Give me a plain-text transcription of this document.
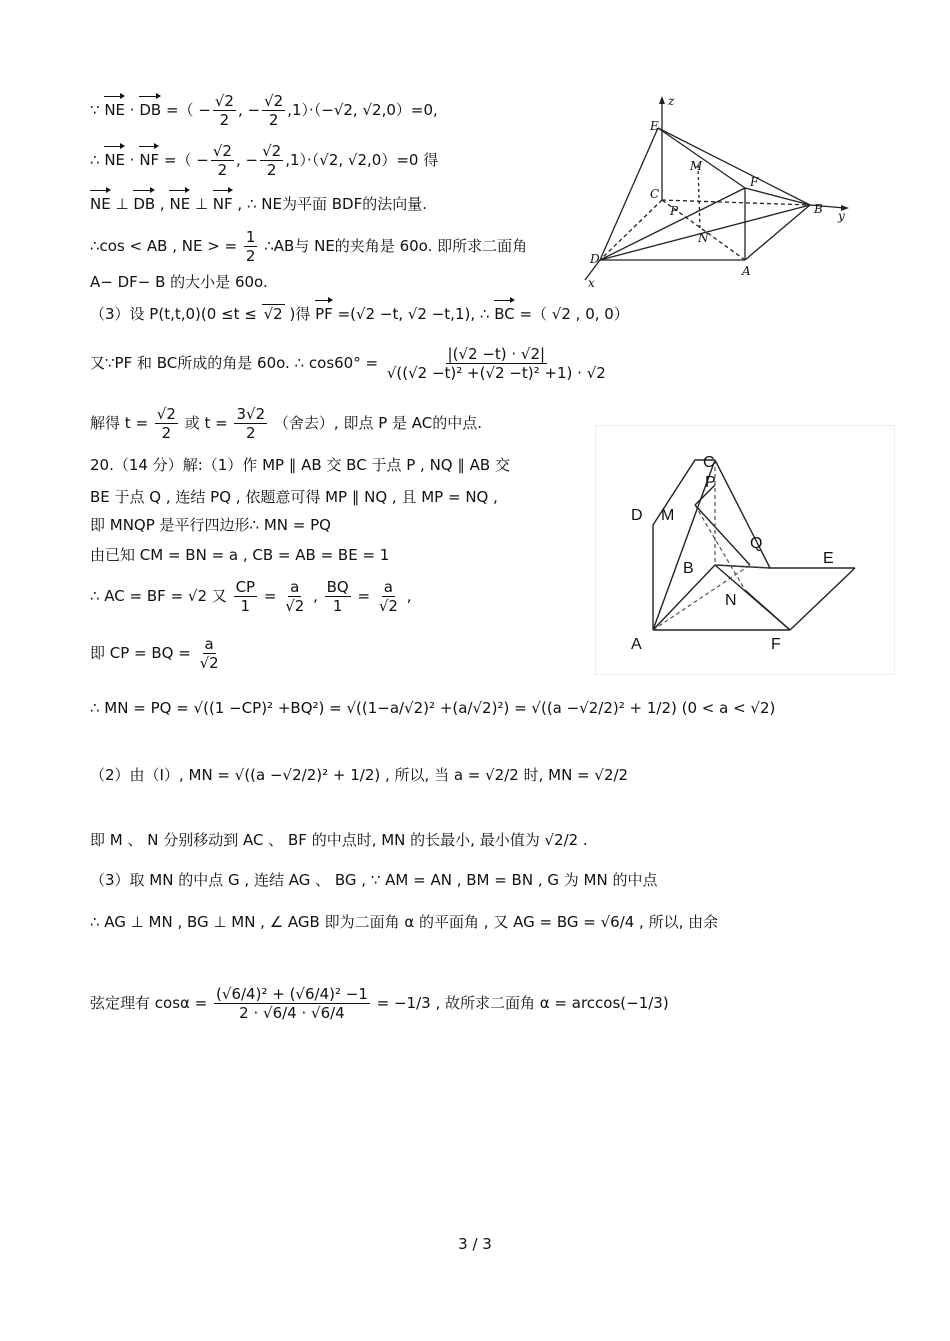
∵ NE · DB =（ − $\frac{√2}{2}$ , − $\frac{√2}{2} ,1)\cdot(-√2$, √2,0）=0,
∴ NE · NF =（ − $\frac{√2}{2}$ , − $\frac{√2}{2} ,1)\cdot(√2$, √2,0）=0 得
NE ⊥ DB , NE ⊥ NF , ∴ NE为平面 BDF的法向量.
∴cos < AB , NE > = $\frac{1}{2}$ ∴AB与 NE的夹角是 60o. 即所求二面角
A− DF− B 的大小是 60o.
（3）设 P(t,t,0)(0 ≤t ≤ √2 )得 PF =(√2 −t, √2 −t,1), ∴ BC =（ √2 , 0, 0）
又∵PF 和 BC所成的角是 60o. ∴ $\cos 60^\circ = \frac{|(√2 -t) \cdot √2|}{\text{√((√2 −t)² +(√2 −t)² +1) · √2}}$
解得 $t = \frac{√2}{2}$ 或 $t = \frac{3√2}{2}$ （舍去）, 即点 P 是 AC的中点.
20.（14 分）解:（1）作 MP ∥ AB 交 BC 于点 P , NQ ∥ AB 交
BE 于点 Q , 连结 PQ , 依题意可得 MP ∥ NQ , 且 MP = NQ ,
即 MNQP 是平行四边形∴ MN = PQ
由已知 CM = BN = a , CB = AB = BE = 1
∴ AC = BF = √2 又 $\frac{CP}{1} = \frac{a}{√2}$ , $\frac{BQ}{1} = \frac{a}{√2}$ ,
即 CP = BQ = $\frac{a}{√2}$
∴ MN = PQ = √((1 −CP)² +BQ²) = √((1−a/√2)² +(a/√2)²) = √((a −√2/2)² + 1/2) (0 < a < √2)
（2）由（I）, MN = √((a −√2/2)² + 1/2) , 所以, 当 a = √2/2 时, MN = √2/2
即 M 、 N 分别移动到 AC 、 BF 的中点时, MN 的长最小, 最小值为 √2/2 .
（3）取 MN 的中点 G , 连结 AG 、 BG , ∵ AM = AN , BM = BN , G 为 MN 的中点
∴ AG ⊥ MN , BG ⊥ MN , ∠ AGB 即为二面角 α 的平面角 , 又 AG = BG = √6/4 , 所以, 由余
弦定理有 $\cos\alpha = \frac{\text{(√6/4)² + (√6/4)² −1}}{2 \cdot √6/4 \cdot √6/4} = -1/3$ , 故所求二面角 α = arccos(−1/3)
z
E
M
C
F
P	B y
N
D
A
x
C
P
D M
Q
B
E
N
A	F
3 / 3
